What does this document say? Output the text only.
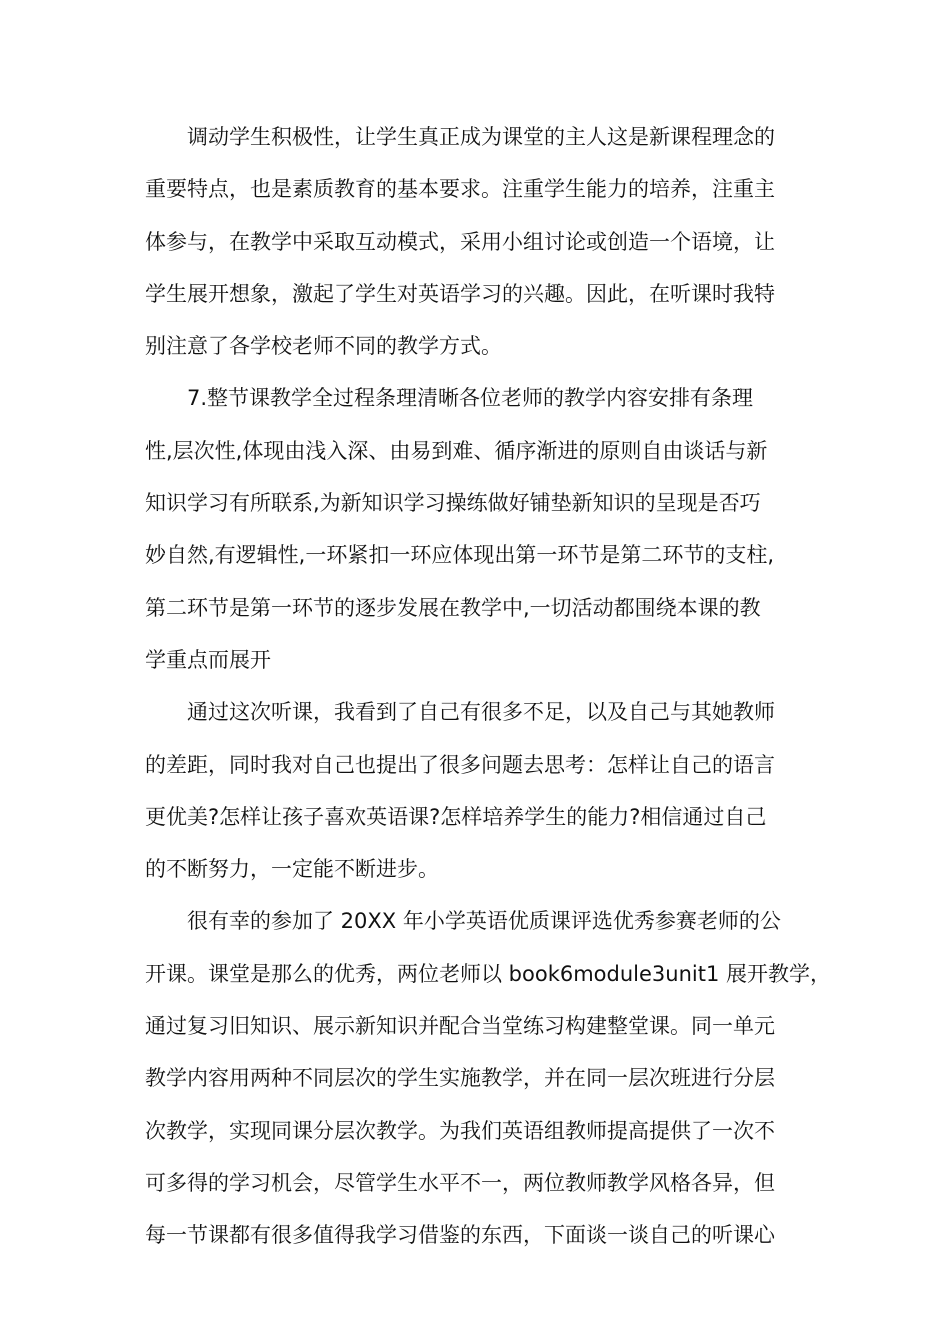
调动学生积极性，让学生真正成为课堂的主人这是新课程理念的
重要特点，也是素质教育的基本要求。注重学生能力的培养，注重主
体参与，在教学中采取互动模式，采用小组讨论或创造一个语境，让
学生展开想象，激起了学生对英语学习的兴趣。因此，在听课时我特
别注意了各学校老师不同的教学方式。
7.整节课教学全过程条理清晰各位老师的教学内容安排有条理
性,层次性,体现由浅入深、由易到难、循序渐进的原则自由谈话与新
知识学习有所联系,为新知识学习操练做好铺垫新知识的呈现是否巧
妙自然,有逻辑性,一环紧扣一环应体现出第一环节是第二环节的支柱,
第二环节是第一环节的逐步发展在教学中,一切活动都围绕本课的教
学重点而展开
通过这次听课，我看到了自己有很多不足，以及自己与其她教师
的差距，同时我对自己也提出了很多问题去思考：怎样让自己的语言
更优美?怎样让孩子喜欢英语课?怎样培养学生的能力?相信通过自己
的不断努力，一定能不断进步。
很有幸的参加了 20XX 年小学英语优质课评选优秀参赛老师的公
开课。课堂是那么的优秀，两位老师以 book6module3unit1 展开教学，
通过复习旧知识、展示新知识并配合当堂练习构建整堂课。同一单元
教学内容用两种不同层次的学生实施教学，并在同一层次班进行分层
次教学，实现同课分层次教学。为我们英语组教师提高提供了一次不
可多得的学习机会，尽管学生水平不一，两位教师教学风格各异，但
每一节课都有很多值得我学习借鉴的东西，下面谈一谈自己的听课心
